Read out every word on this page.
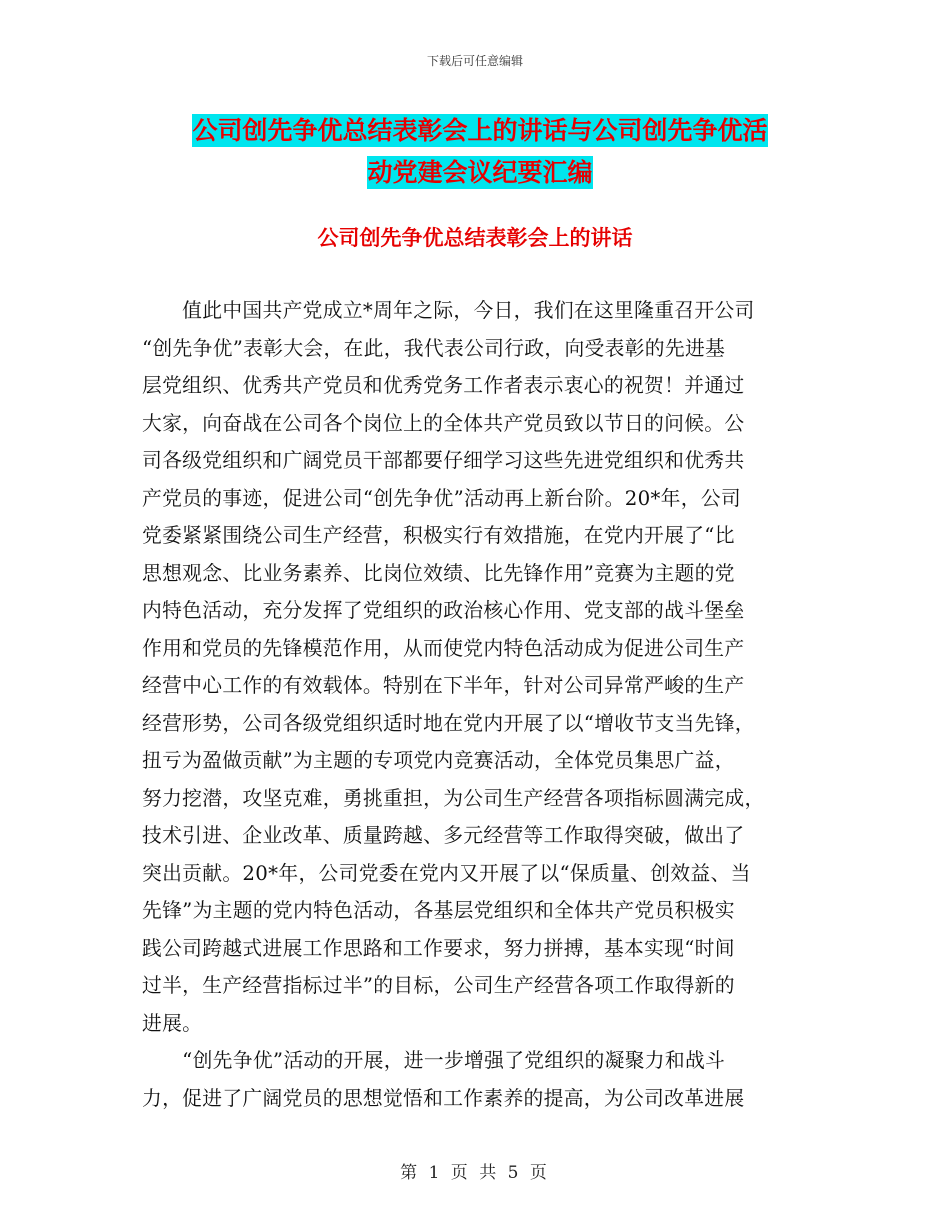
下载后可任意编辑
公司创先争优总结表彰会上的讲话与公司创先争优活
动党建会议纪要汇编
公司创先争优总结表彰会上的讲话
　　值此中国共产党成立*周年之际，今日，我们在这里隆重召开公司
“创先争优”表彰大会，在此，我代表公司行政，向受表彰的先进基
层党组织、优秀共产党员和优秀党务工作者表示衷心的祝贺！并通过
大家，向奋战在公司各个岗位上的全体共产党员致以节日的问候。公
司各级党组织和广阔党员干部都要仔细学习这些先进党组织和优秀共
产党员的事迹，促进公司“创先争优”活动再上新台阶。20*年，公司
党委紧紧围绕公司生产经营，积极实行有效措施，在党内开展了“比
思想观念、比业务素养、比岗位效绩、比先锋作用”竞赛为主题的党
内特色活动，充分发挥了党组织的政治核心作用、党支部的战斗堡垒
作用和党员的先锋模范作用，从而使党内特色活动成为促进公司生产
经营中心工作的有效载体。特别在下半年，针对公司异常严峻的生产
经营形势，公司各级党组织适时地在党内开展了以“增收节支当先锋，
扭亏为盈做贡献”为主题的专项党内竞赛活动，全体党员集思广益，
努力挖潜，攻坚克难，勇挑重担，为公司生产经营各项指标圆满完成，
技术引进、企业改革、质量跨越、多元经营等工作取得突破，做出了
突出贡献。20*年，公司党委在党内又开展了以“保质量、创效益、当
先锋”为主题的党内特色活动，各基层党组织和全体共产党员积极实
践公司跨越式进展工作思路和工作要求，努力拼搏，基本实现“时间
过半，生产经营指标过半”的目标，公司生产经营各项工作取得新的
进展。
　　“创先争优”活动的开展，进一步增强了党组织的凝聚力和战斗
力，促进了广阔党员的思想觉悟和工作素养的提高，为公司改革进展
第 1 页 共 5 页
